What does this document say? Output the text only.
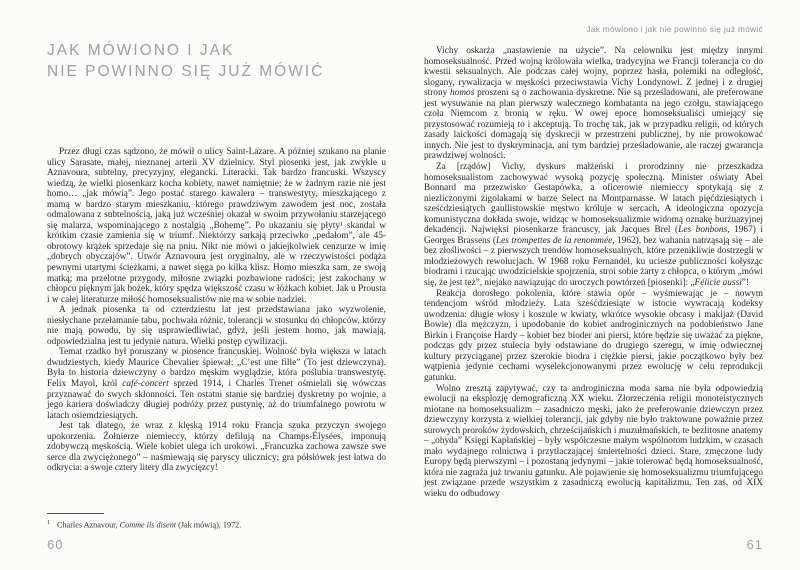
JAK MÓWIONO I JAK
NIE POWINNO SIĘ JUŻ MÓWIĆ

Przez długi czas sądzono, że mówił o ulicy Saint-Lazare. A później szukano na planie ulicy Sarasate, małej, nieznanej arterii XV dzielnicy. Styl piosenki jest, jak zwykle u Aznavoura, subtelny, precyzyjny, elegancki. Literacki. Tak bardzo francuski. Wszyscy wiedzą, że wielki piosenkarz kocha kobiety, nawet namiętnie; że w żadnym razie nie jest homo… „jak mówią”. Jego postać starego kawalera – transwestyty, mieszkającego z mamą w bardzo starym mieszkaniu, którego prawdziwym zawodem jest noc, została odmalowana z subtelnością, jaką już wcześniej okazał w swoim przywołaniu starzejącego się malarza, wspominającego z nostalgią „Bohemę”. Po ukazaniu się płyty¹ skandal w krótkim czasie zamienia się w triumf. Niektórzy sarkają przeciwko „pedałom”, ale 45-obrotowy krążek sprzedaje się na pniu. Nikt nie mówi o jakiejkolwiek cenzurze w imię „dobrych obyczajów”. Utwór Aznavoura jest oryginalny, ale w rzeczywistości podąża pewnymi utartymi ścieżkami, a nawet sięga po kilka klisz. Homo mieszka sam, ze swoją matką; ma przelotne przygody, miłosne związki pozbawione radości; jest zakochany w chłopcu pięknym jak bożek, który spędza większość czasu w łóżkach kobiet. Jak u Prousta i w całej literaturze miłość homoseksualistów nie ma w sobie nadziei.

A jednak piosenka ta od czterdziestu lat jest przedstawiana jako wyzwolenie, niesłychane przełamanie tabu, pochwała różnic, tolerancji w stosunku do chłopców, którzy nie mają powodu, by się usprawiedliwiać, gdyż, jeśli jestem homo, jak mawiają, odpowiedzialna jest tu jedynie natura. Wielki postęp cywilizacji.

Temat rzadko był poruszany w piosence francuskiej. Wolność była większa w latach dwudziestych, kiedy Maurice Chevalier śpiewał: „C’est une fille” (To jest dziewczyna). Była to historia dziewczyny o bardzo męskim wyglądzie, która poślubia transwestytę. Felix Mayol, król café-concert sprzed 1914, i Charles Trenet ośmielali się wówczas przyznawać do swych skłonności. Ten ostatni stanie się bardziej dyskretny po wojnie, a jego kariera doświadczy długiej podróży przez pustynię, aż do triumfalnego powrotu w latach osiemdziesiątych.

Jest tak dlatego, że wraz z klęską 1914 roku Francja szuka przyczyn swojego upokorzenia. Żołnierze niemieccy, którzy defilują na Champs-Élysées, imponują zdobywczą męskością. Wiele kobiet ulega ich urokowi. „Francuzka zachowa zawsze swe serce dla zwyciężonego” – naśmiewają się paryscy ulicznicy; gra półsłówek jest łatwa do odkrycia: a swoje cztery litery dla zwycięzcy!

$^1$ Charles Aznavour, Comme ils disent (Jak mówią), 1972.
60
Jak mówiono i jak nie powinno się już mówić

Vichy oskarża „nastawienie na użycie”. Na celowniku jest między innymi homoseksualność. Przed wojną królowała wielka, tradycyjna we Francji tolerancja co do kwestii seksualnych. Ale podczas całej wojny, poprzez hasła, polemiki na odległość, slogany, rywalizacja w męskości przeciwstawia Vichy Londynowi. Z jednej i z drugiej strony homos proszeni są o zachowania dyskretne. Nie są prześladowani, ale preferowane jest wysuwanie na plan pierwszy walecznego kombatanta na jego czołgu, stawiającego czoła Niemcom z bronią w ręku. W owej epoce homoseksualiści umiejący się przystosować rozumieją to i akceptują. To trochę tak, jak w przypadku religii, od których zasady laickości domagają się dyskrecji w przestrzeni publicznej, by nie prowokować innych. Nie jest to dyskryminacja, ani tym bardziej prześladowanie, ale raczej gwarancja prawdziwej wolności.

Za [rządów] Vichy, dyskurs małżeński i prorodzinny nie przeszkadza homoseksualistom zachowywać wysoką pozycję społeczną. Minister oświaty Abel Bonnard ma przezwisko Gestapówka, a oficerowie niemieccy spotykają się z niezliczonymi żigolakami w barze Select na Montparnasse. W latach pięćdziesiątych i sześćdziesiątych gaullistowskie męstwo króluje w sercach. A ideologiczna opozycja komunistyczna dokłada swoje, widząc w homoseksualizmie widomą oznakę burżuazyjnej dekadencji. Najwięksi piosenkarze francuscy, jak Jacques Brel (Les bonbons, 1967) i Georges Brassens (Les trompettes de la renommée, 1962), bez wahania natrząsają się – ale bez złośliwości – z pierwszych trendów homoseksualnych, które przenikliwie dostrzegli w młodzieżowych rewolucjach. W 1968 roku Fernandel, ku uciesze publiczności kołysząc biodrami i rzucając uwodzicielskie spojrzenia, stroi sobie żarty z chłopca, o którym „mówi się, że jest też”, niejako nawiązując do uroczych powtórzeń [piosenki]: „Félicie aussi”!

Reakcja dorosłego pokolenia, które stawia opór – wyśmiewając je – nowym tendencjom wśród młodzieży. Lata sześćdziesiąte w istocie wywracają kodeksy uwodzenia: długie włosy i koszule w kwiaty, wkrótce wysokie obcasy i makijaż (David Bowie) dla mężczyzn, i upodobanie do kobiet androginicznych na podobieństwo Jane Birkin i Françoise Hardy – kobiet bez bioder ani piersi, które będzie się uważać za piękne, podczas gdy przez stulecia były odstawiane do drugiego szeregu, w imię odwiecznej kultury przyciąganej przez szerokie biodra i ciężkie piersi, jakie początkowo były bez wątpienia jedynie cechami wyselekcjonowanymi przez ewolucję w celu reprodukcji gatunku.

Wolno zresztą zapytywać, czy ta androginiczna moda sama nie była odpowiedzią ewolucji na eksplozję demograficzną XX wieku. Złorzeczenia religii monoteistycznych miotane na homoseksualizm – zasadniczo męski, jako że preferowanie dziewczyn przez dziewczyny korzysta z wielkiej tolerancji, jak gdyby nie było traktowane poważnie przez surowych proroków żydowskich, chrześcijańskich i muzułmańskich, te bezlitosne anatemy – „ohyda” Księgi Kapłańskiej – były współczesne małym wspólnotom ludzkim, w czasach mało wydajnego rolnictwa i przytłaczającej śmiertelności dzieci. Stare, zmęczone ludy Europy będą pierwszymi – i pozostaną jedynymi – jakie tolerować będą homoseksualność, która nie zagraża już trwaniu gatunku. Ale pojawienie się homoseksualizmu triumfującego jest związane przede wszystkim z zasadniczą ewolucją kapitalizmu. Ten zaś, od XIX wieku do odbudowy

61
